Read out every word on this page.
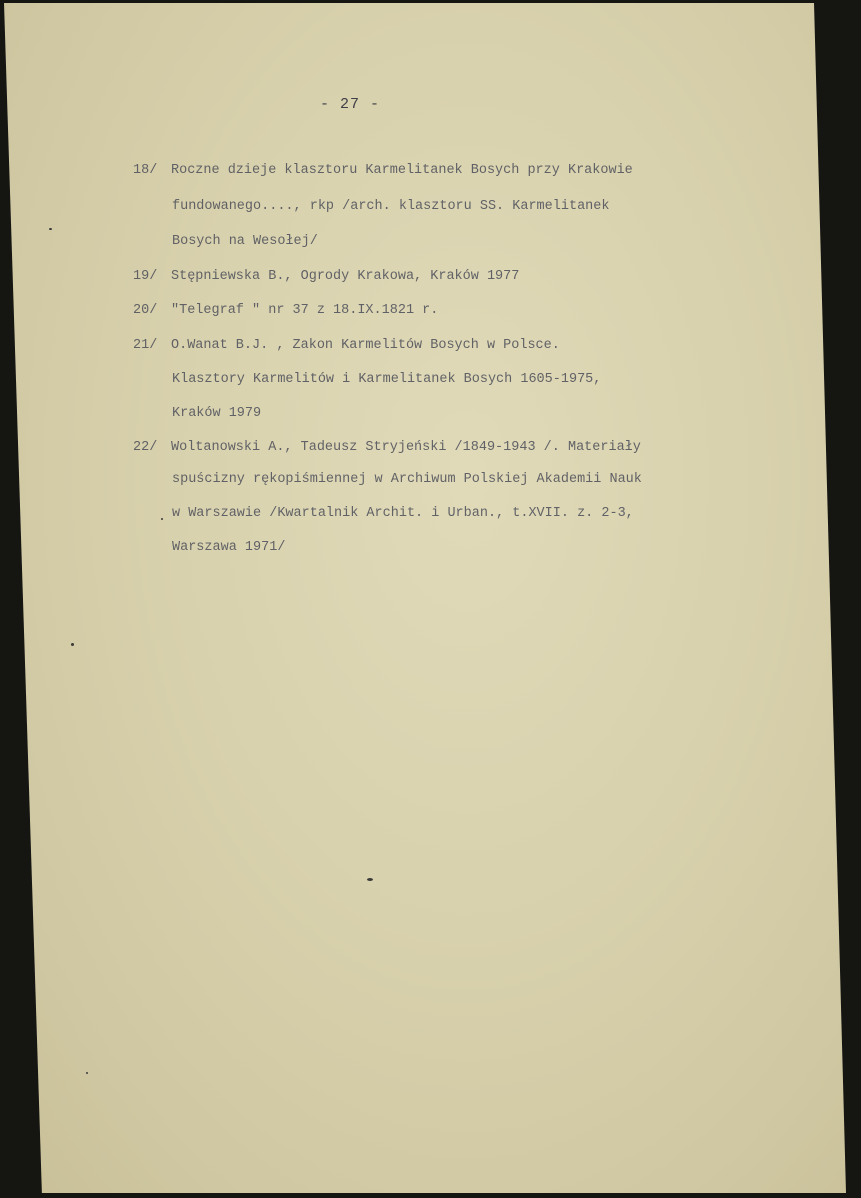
- 27 -
18/ Roczne dzieje klasztoru Karmelitanek Bosych przy Krakowie
fundowanego...., rkp /arch. klasztoru SS. Karmelitanek
Bosych na Wesołej/
19/ Stępniewska B., Ogrody Krakowa, Kraków 1977
20/ "Telegraf " nr 37 z 18.IX.1821 r.
21/ O.Wanat B.J. , Zakon Karmelitów Bosych w Polsce.
Klasztory Karmelitów i Karmelitanek Bosych 1605-1975,
Kraków 1979
22/ Woltanowski A., Tadeusz Stryjeński /1849-1943 /. Materiały
spuścizny rękopiśmiennej w Archiwum Polskiej Akademii Nauk
w Warszawie /Kwartalnik Archit. i Urban., t.XVII. z. 2-3,
Warszawa 1971/
